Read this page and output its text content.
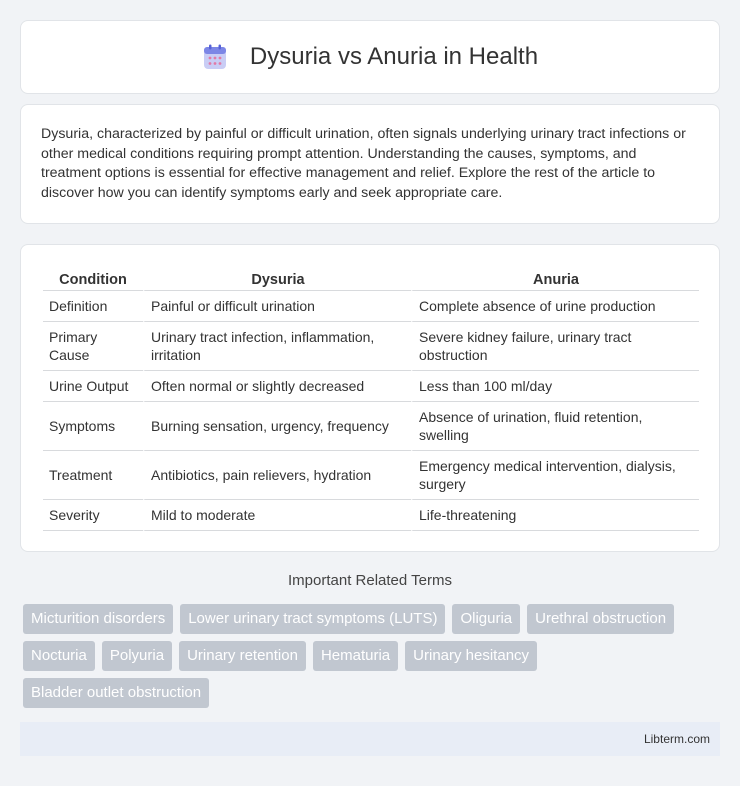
Dysuria vs Anuria in Health

Dysuria, characterized by painful or difficult urination, often signals underlying urinary tract infections or other medical conditions requiring prompt attention. Understanding the causes, symptoms, and treatment options is essential for effective management and relief. Explore the rest of the article to discover how you can identify symptoms early and seek appropriate care.

Condition	Dysuria	Anuria
Definition	Painful or difficult urination	Complete absence of urine production
Primary Cause	Urinary tract infection, inflammation, irritation	Severe kidney failure, urinary tract obstruction
Urine Output	Often normal or slightly decreased	Less than 100 ml/day
Symptoms	Burning sensation, urgency, frequency	Absence of urination, fluid retention, swelling
Treatment	Antibiotics, pain relievers, hydration	Emergency medical intervention, dialysis, surgery
Severity	Mild to moderate	Life-threatening
Important Related Terms
Micturition disorders	Lower urinary tract symptoms (LUTS)	Oliguria	Urethral obstruction
Nocturia	Polyuria	Urinary retention	Hematuria	Urinary hesitancy
Bladder outlet obstruction
Libterm.com
